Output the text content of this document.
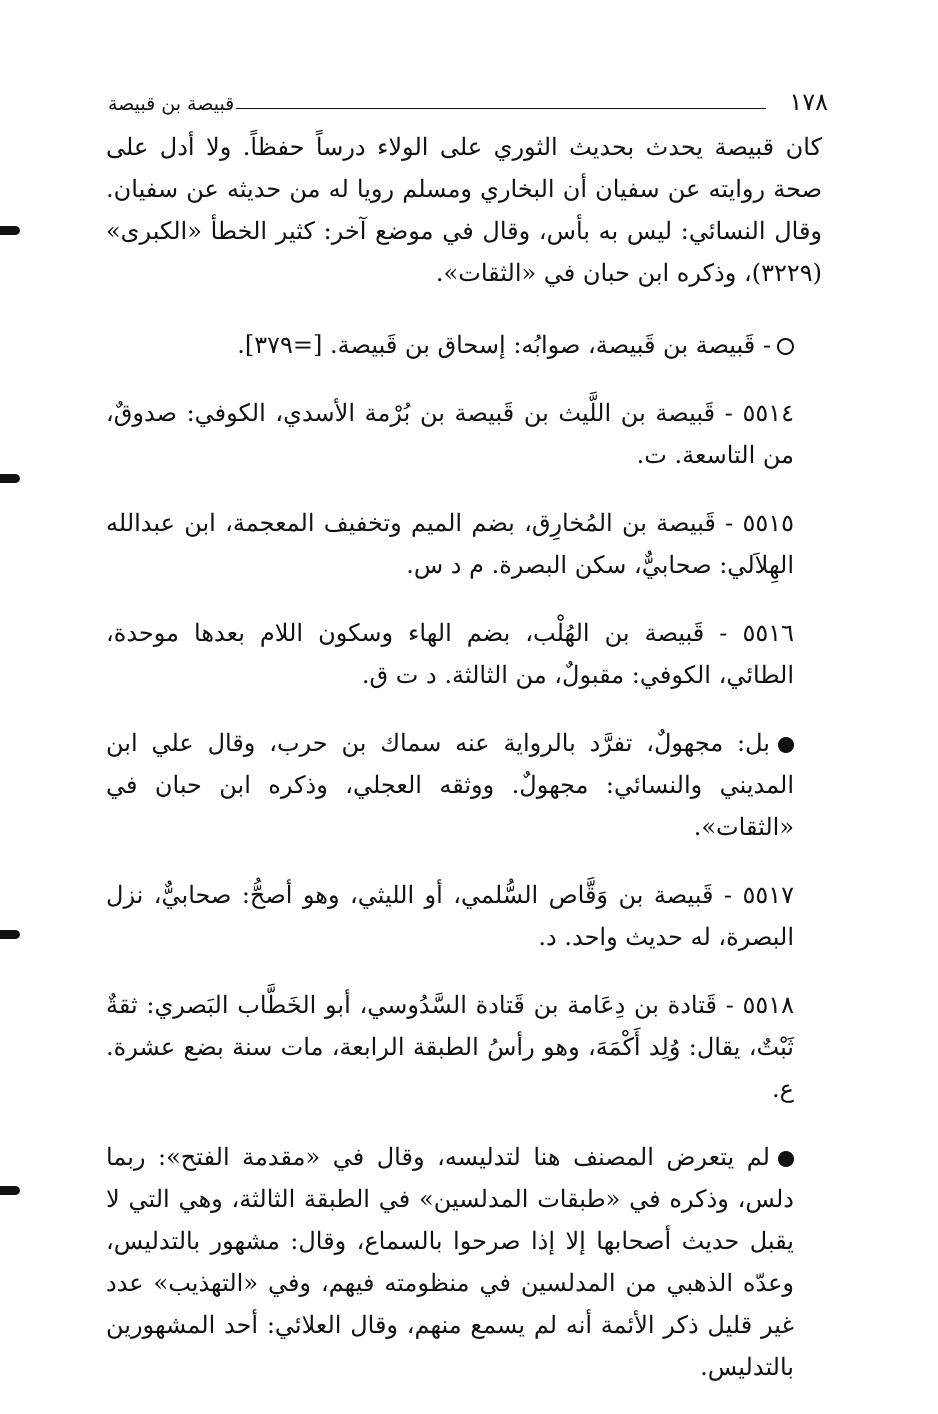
١٧٨
قبيصة بن قبيصة

كان قبيصة يحدث بحديث الثوري على الولاء درساً حفظاً. ولا أدل على صحة روايته عن سفيان أن البخاري ومسلم رويا له من حديثه عن سفيان. وقال النسائي: ليس به بأس، وقال في موضع آخر: كثير الخطأ «الكبرى» (٣٢٢٩)، وذكره ابن حبان في «الثقات».

- قَبيصة بن قَبيصة، صوابُه: إسحاق بن قَبيصة. [=٣٧٩].

٥٥١٤ - قَبيصة بن اللَّيث بن قَبيصة بن بُرْمة الأسدي، الكوفي: صدوقٌ، من التاسعة. ت.

٥٥١٥ - قَبيصة بن المُخارِق، بضم الميم وتخفيف المعجمة، ابن عبدالله الهِلاَلي: صحابيٌّ، سكن البصرة. م د س.

٥٥١٦ - قَبيصة بن الهُلْب، بضم الهاء وسكون اللام بعدها موحدة، الطائي، الكوفي: مقبولٌ، من الثالثة. د ت ق.

بل: مجهولٌ، تفرَّد بالرواية عنه سماك بن حرب، وقال علي ابن المديني والنسائي: مجهولٌ. ووثقه العجلي، وذكره ابن حبان في «الثقات».

٥٥١٧ - قَبيصة بن وَقَّاص السُّلمي، أو الليثي، وهو أصحُّ: صحابيٌّ، نزل البصرة، له حديث واحد. د.

٥٥١٨ - قَتادة بن دِعَامة بن قَتادة السَّدُوسي، أبو الخَطَّاب البَصري: ثقةٌ ثَبْتٌ، يقال: وُلِد أَكْمَهَ، وهو رأسُ الطبقة الرابعة، مات سنة بضع عشرة. ع.

لم يتعرض المصنف هنا لتدليسه، وقال في «مقدمة الفتح»: ربما دلس، وذكره في «طبقات المدلسين» في الطبقة الثالثة، وهي التي لا يقبل حديث أصحابها إلا إذا صرحوا بالسماع، وقال: مشهور بالتدليس، وعدّه الذهبي من المدلسين في منظومته فيهم، وفي «التهذيب» عدد غير قليل ذكر الأئمة أنه لم يسمع منهم، وقال العلائي: أحد المشهورين بالتدليس.
